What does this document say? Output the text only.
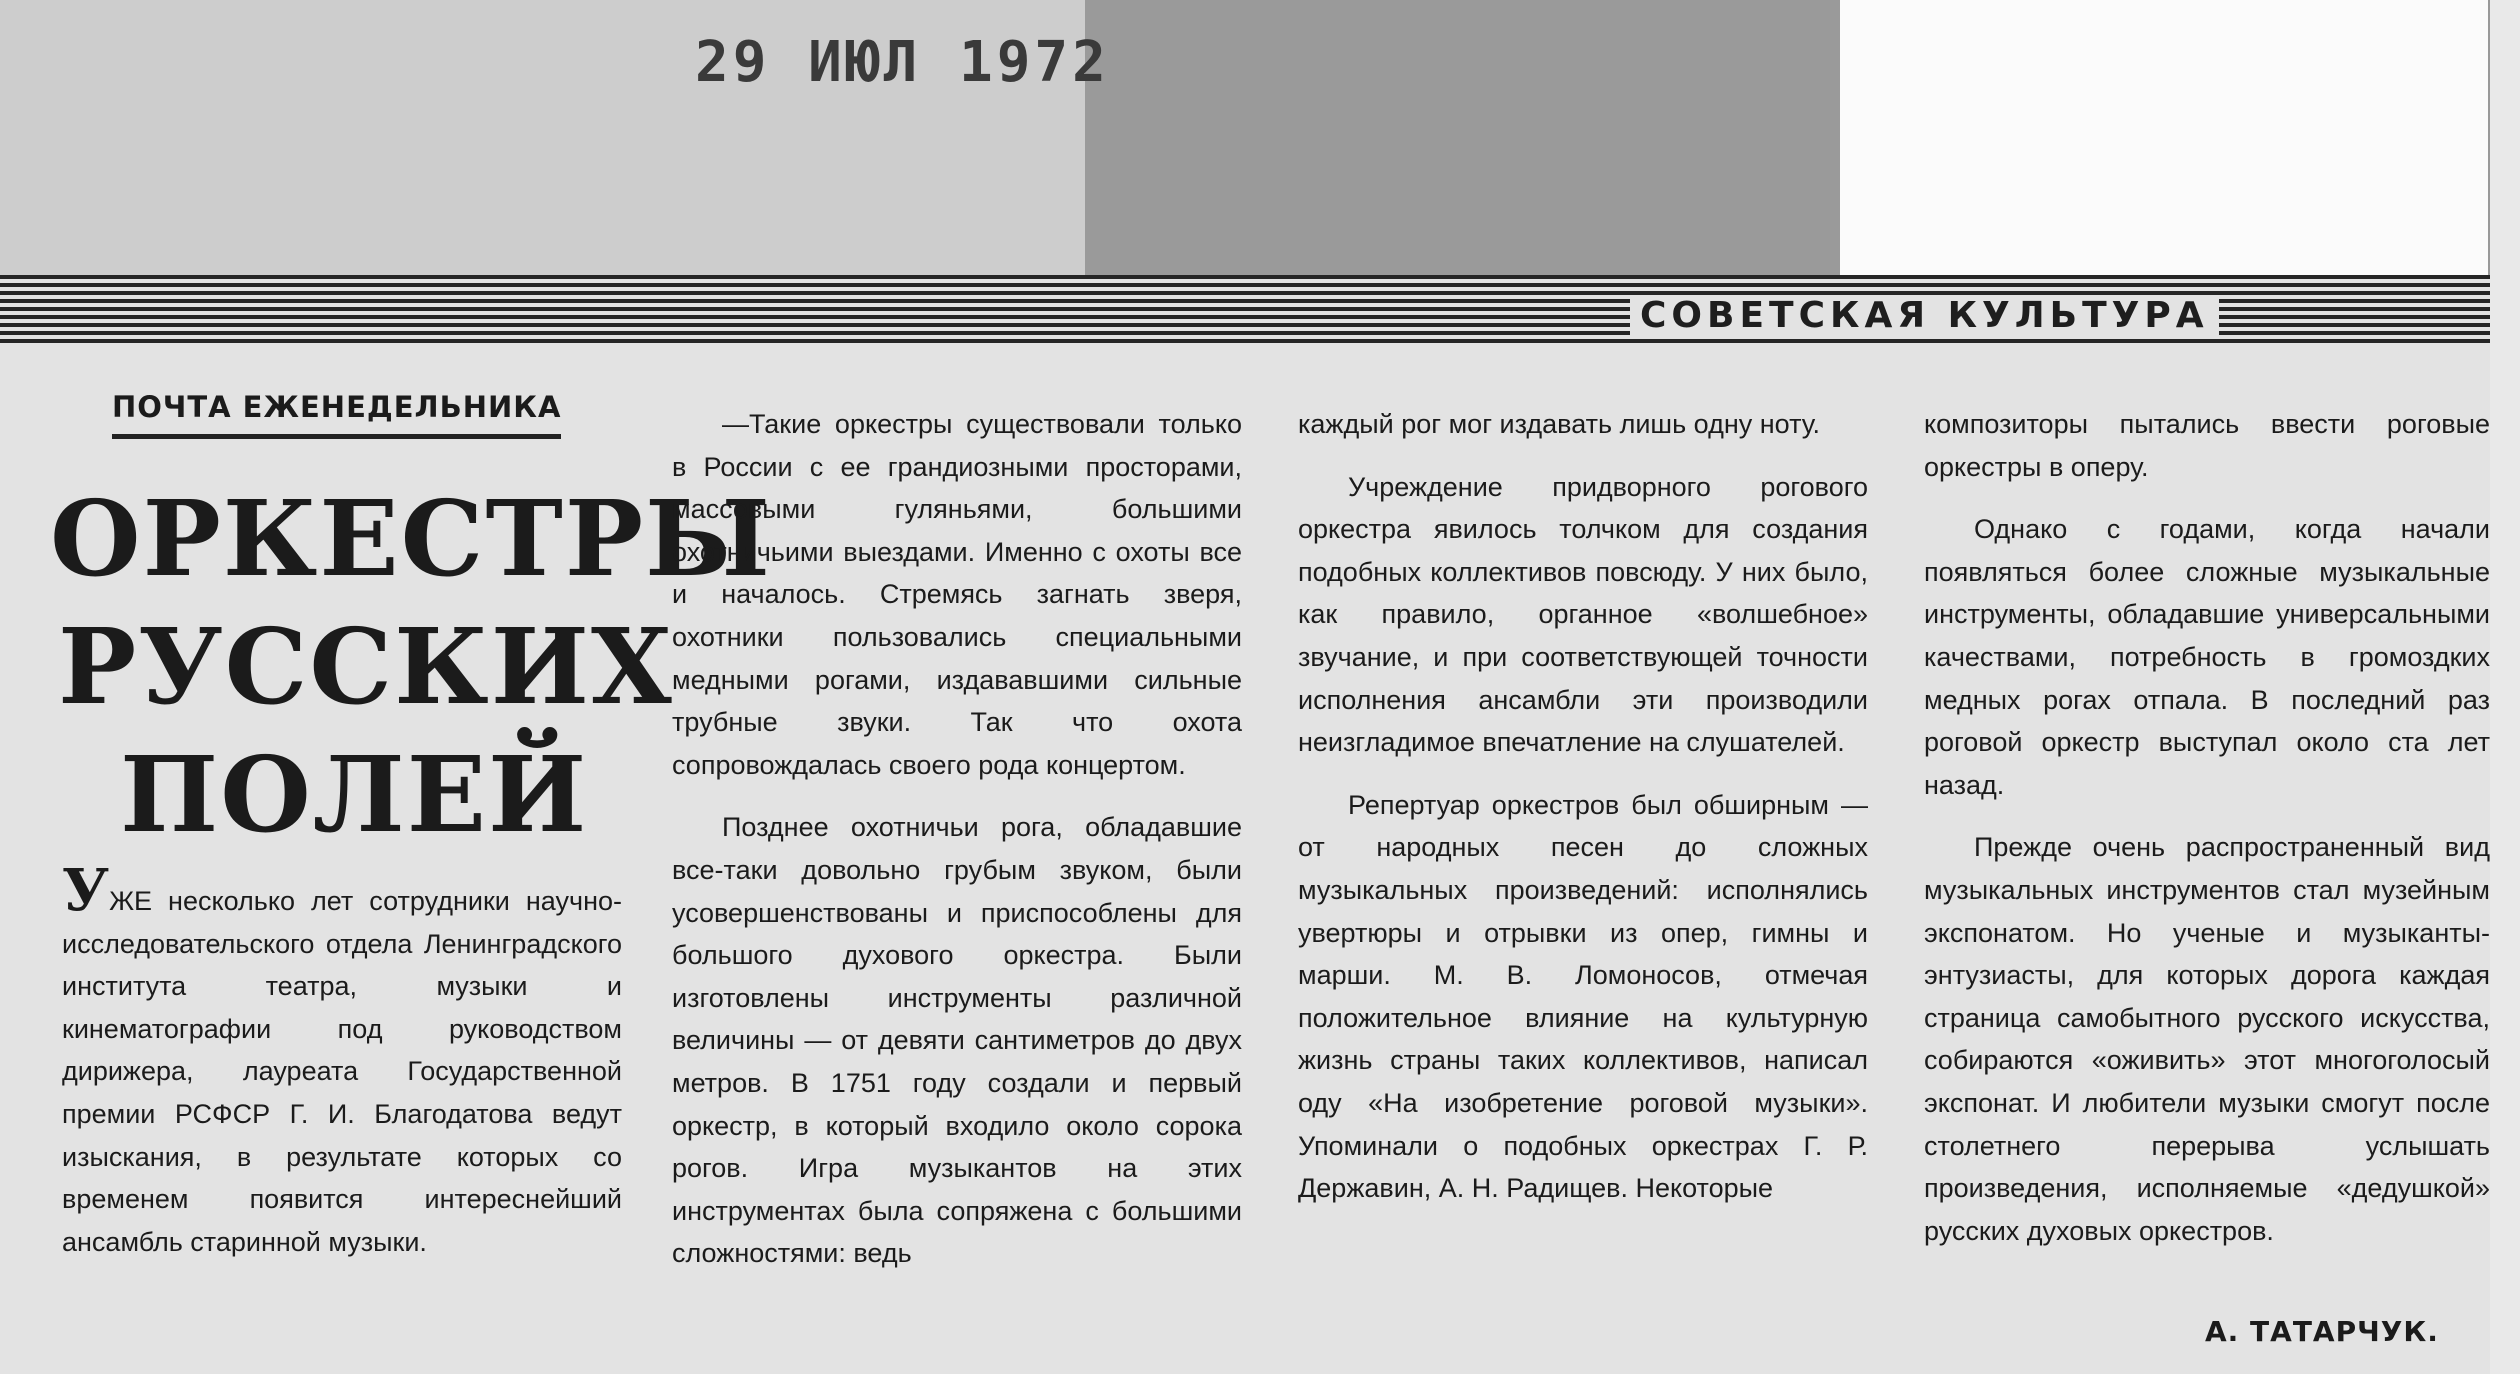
29 ИЮЛ 1972
СОВЕТСКАЯ КУЛЬТУРА
ПОЧТА ЕЖЕНЕДЕЛЬНИКА
ОРКЕСТРЫ
РУССКИХ
ПОЛЕЙ

УЖЕ несколько лет сотрудники научно-исследовательского отдела Ленинградского института театра, музыки и кинематографии под руководством дирижера, лауреата Государственной премии РСФСР Г. И. Благодатова ведут изыскания, в результате которых со временем появится интереснейший ансамбль старинной музыки.

—Такие оркестры существовали только в России с ее грандиозными просторами, массовыми гуляньями, большими охотничьими выездами. Именно с охоты все и началось. Стремясь загнать зверя, охотники пользовались специальными медными рогами, издававшими сильные трубные звуки. Так что охота сопровождалась своего рода концертом.

Позднее охотничьи рога, обладавшие все-таки довольно грубым звуком, были усовершенствованы и приспособлены для большого духового оркестра. Были изготовлены инструменты различной величины — от девяти сантиметров до двух метров. В 1751 году создали и первый оркестр, в который входило около сорока рогов. Игра музыкантов на этих инструментах была сопряжена с большими сложностями: ведь

каждый рог мог издавать лишь одну ноту.

Учреждение придворного рогового оркестра явилось толчком для создания подобных коллективов повсюду. У них было, как правило, органное «волшебное» звучание, и при соответствующей точности исполнения ансамбли эти производили неизгладимое впечатление на слушателей.

Репертуар оркестров был обширным — от народных песен до сложных музыкальных произведений: исполнялись увертюры и отрывки из опер, гимны и марши. М. В. Ломоносов, отмечая положительное влияние на культурную жизнь страны таких коллективов, написал оду «На изобретение роговой музыки». Упоминали о подобных оркестрах Г. Р. Державин, А. Н. Радищев. Некоторые

композиторы пытались ввести роговые оркестры в оперу.

Однако с годами, когда начали появляться более сложные музыкальные инструменты, обладавшие универсальными качествами, потребность в громоздких медных рогах отпала. В последний раз роговой оркестр выступал около ста лет назад.

Прежде очень распространенный вид музыкальных инструментов стал музейным экспонатом. Но ученые и музыканты-энтузиасты, для которых дорога каждая страница самобытного русского искусства, собираются «оживить» этот многоголосый экспонат. И любители музыки смогут после столетнего перерыва услышать произведения, исполняемые «дедушкой» русских духовых оркестров.

А. ТАТАРЧУК.
